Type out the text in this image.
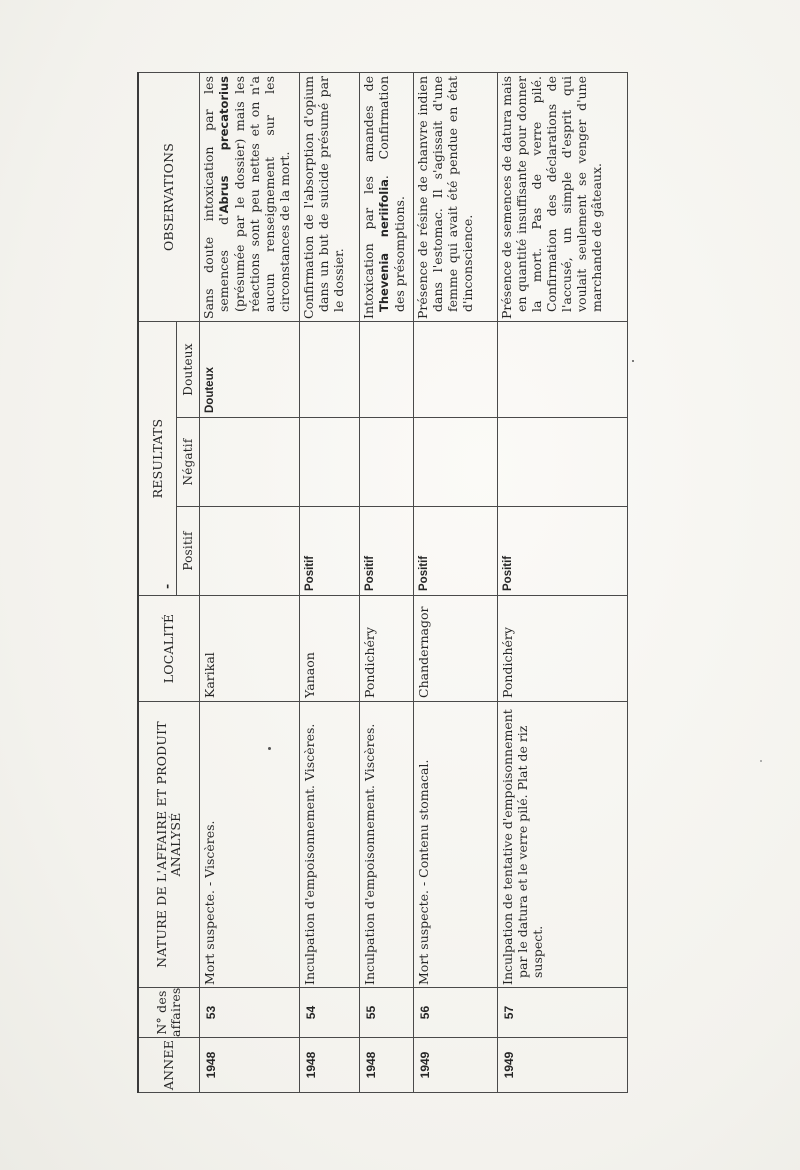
ANNEE	N° des affaires	NATURE DE L'AFFAIRE ET PRODUIT ANALYSÉ	LOCALITÉ	-
RESULTATS			OBSERVATIONS
				Positif	Négatif	Douteux	
1948	53	Mort suspecte. - Viscères.	Karikal			Douteux	Sans doute intoxication par les semences d'Abrus precatorius (présumée par le dossier) mais les réactions sont peu nettes et on n'a aucun renseignement sur les circonstances de la mort.
1948	54	Inculpation d'empoisonnement. Viscères.	Yanaon	Positif			Confirmation de l'absorption d'opium dans un but de suicide présumé par le dossier.
1948	55	Inculpation d'empoisonnement. Viscères.	Pondichéry	Positif			Intoxication par les amandes de Thevenia neriifolia. Confirmation des présomptions.
1949	56	Mort suspecte. - Contenu stomacal.	Chandernagor	Positif			Présence de résine de chanvre indien dans l'estomac. Il s'agissait d'une femme qui avait été pendue en état d'inconscience.
1949	57	Inculpation de tentative d'empoisonnement par le datura et le verre pilé. Plat de riz suspect.	Pondichéry	Positif			Présence de semences de datura mais en quantité insuffisante pour donner la mort. Pas de verre pilé. Confirmation des déclarations de l'accusé, un simple d'esprit qui voulait seulement se venger d'une marchande de gâteaux.
